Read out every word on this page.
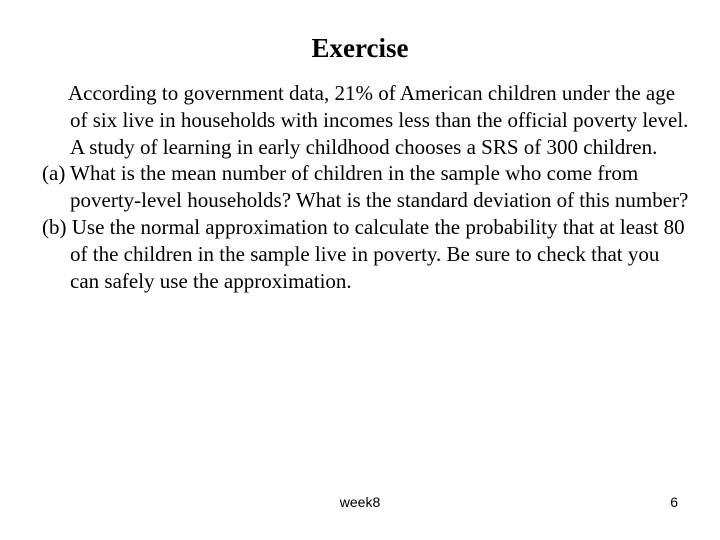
Exercise

According to government data, 21% of American children under the age of six live in households with incomes less than the official poverty level. A study of learning in early childhood chooses a SRS of 300 children.

(a) What is the mean number of children in the sample who come from poverty-level households? What is the standard deviation of this number?

(b) Use the normal approximation to calculate the probability that at least 80 of the children in the sample live in poverty. Be sure to check that you can safely use the approximation.

week8	6
